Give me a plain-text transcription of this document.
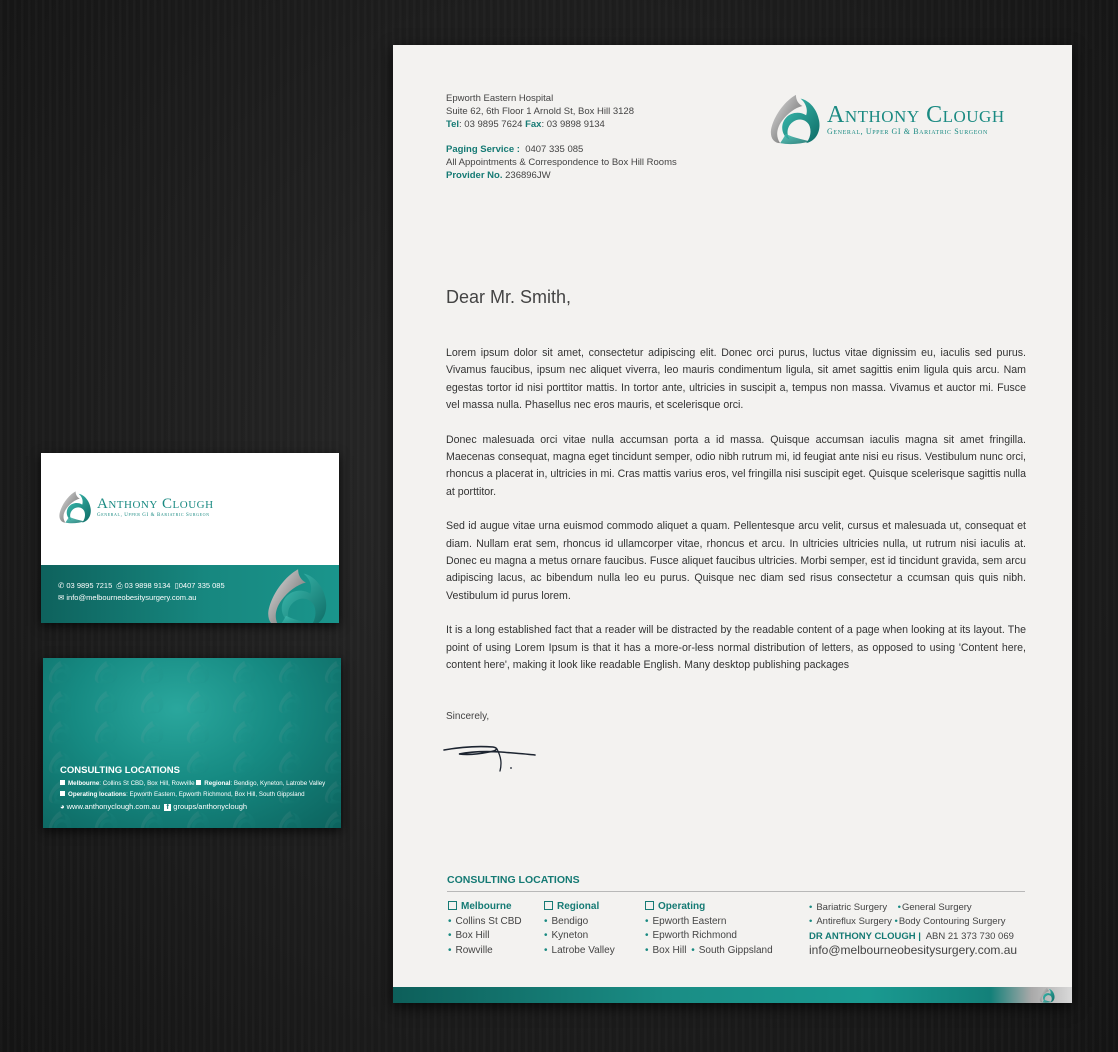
Epworth Eastern Hospital
Suite 62, 6th Floor 1 Arnold St, Box Hill 3128
Tel: 03 9895 7624 Fax: 03 9898 9134
Paging Service : 0407 335 085
All Appointments & Correspondence to Box Hill Rooms
Provider No. 236896JW
Anthony Clough
General, Upper GI & Bariatric Surgeon
Dear Mr. Smith,

Lorem ipsum dolor sit amet, consectetur adipiscing elit. Donec orci purus, luctus vitae dignissim eu, iaculis sed purus. Vivamus faucibus, ipsum nec aliquet viverra, leo mauris condimentum ligula, sit amet sagittis enim ligula quis arcu. Nam egestas tortor id nisi porttitor mattis. In tortor ante, ultricies in suscipit a, tempus non massa. Vivamus et auctor mi. Fusce vel massa nulla. Phasellus nec eros mauris, et scelerisque orci.

Donec malesuada orci vitae nulla accumsan porta a id massa. Quisque accumsan iaculis magna sit amet fringilla. Maecenas consequat, magna eget tincidunt semper, odio nibh rutrum mi, id feugiat ante nisi eu risus. Vestibulum nunc orci, rhoncus a placerat in, ultricies in mi. Cras mattis varius eros, vel fringilla nisi suscipit eget. Quisque scelerisque sagittis nulla at porttitor.

Sed id augue vitae urna euismod commodo aliquet a quam. Pellentesque arcu velit, cursus et malesuada ut, consequat et diam. Nullam erat sem, rhoncus id ullamcorper vitae, rhoncus et arcu. In ultricies ultricies nulla, ut rutrum nisi iaculis at. Donec eu magna a metus ornare faucibus. Fusce aliquet faucibus ultricies. Morbi semper, est id tincidunt gravida, sem arcu adipiscing lacus, ac bibendum nulla leo eu purus. Quisque nec diam sed risus consectetur a ccumsan quis quis nibh. Vestibulum id purus lorem.

It is a long established fact that a reader will be distracted by the readable content of a page when looking at its layout. The point of using Lorem Ipsum is that it has a more-or-less normal distribution of letters, as opposed to using 'Content here, content here', making it look like readable English. Many desktop publishing packages

Sincerely,
CONSULTING LOCATIONS
Melbourne
• Collins St CBD
• Box Hill
• Rowville
Regional
• Bendigo
• Kyneton
• Latrobe Valley
Operating
• Epworth Eastern
• Epworth Richmond
• Box Hill • South Gippsland
• Bariatric Surgery •General Surgery
• Antireflux Surgery •Body Contouring Surgery
DR ANTHONY CLOUGH | ABN 21 373 730 069
info@melbourneobesitysurgery.com.au
Anthony Clough
General, Upper GI & Bariatric Surgeon
✆ 03 9895 7215 ⎙ 03 9898 9134 ▯0407 335 085
✉ info@melbourneobesitysurgery.com.au
CONSULTING LOCATIONS
Melbourne: Collins St CBD, Box Hill, Rowville Regional: Bendigo, Kyneton, Latrobe Valley
Operating locations: Epworth Eastern, Epworth Richmond, Box Hill, South Gippsland
◕ www.anthonyclough.com.au f groups/anthonyclough
